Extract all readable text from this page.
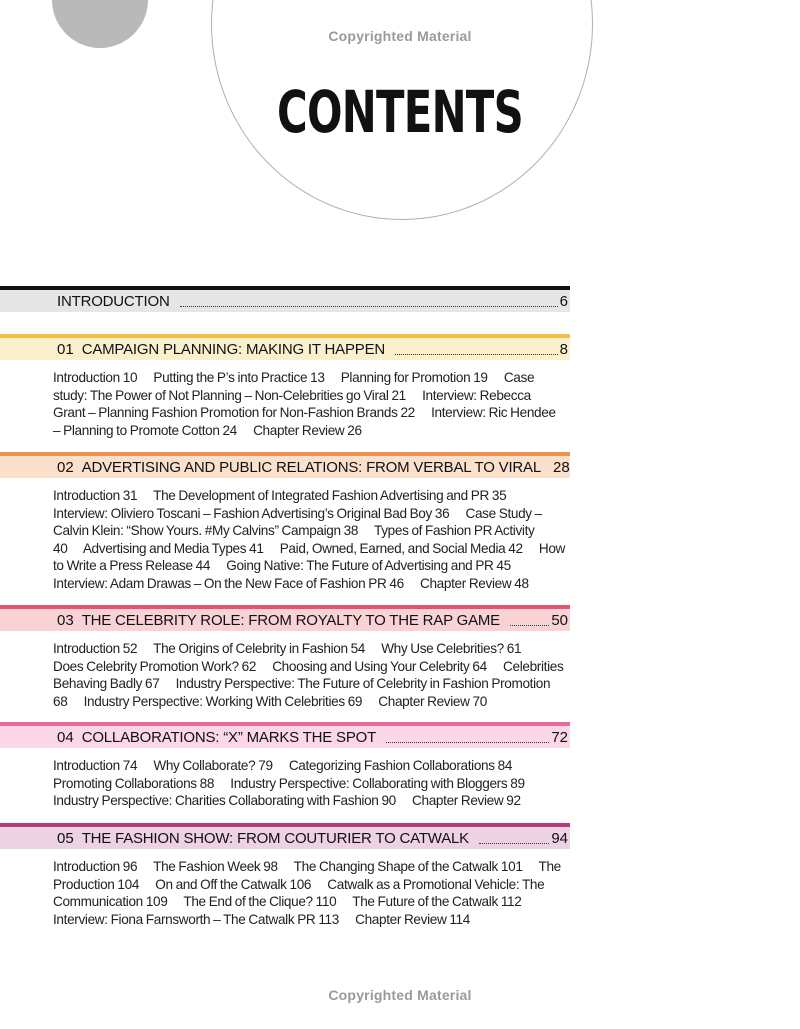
Copyrighted Material
CONTENTS
INTRODUCTION	6
01 CAMPAIGN PLANNING: MAKING IT HAPPEN	8
Introduction 10  Putting the P’s into Practice 13  Planning for Promotion 19  Case study: The Power of Not Planning – Non-Celebrities go Viral 21  Interview: Rebecca Grant – Planning Fashion Promotion for Non-Fashion Brands 22  Interview: Ric Hendee – Planning to Promote Cotton 24  Chapter Review 26
02 ADVERTISING AND PUBLIC RELATIONS: FROM VERBAL TO VIRAL 28
Introduction 31  The Development of Integrated Fashion Advertising and PR 35  Interview: Oliviero Toscani – Fashion Advertising’s Original Bad Boy 36  Case Study – Calvin Klein: “Show Yours. #My Calvins” Campaign 38  Types of Fashion PR Activity 40  Advertising and Media Types 41  Paid, Owned, Earned, and Social Media 42  How to Write a Press Release 44  Going Native: The Future of Advertising and PR 45  Interview: Adam Drawas – On the New Face of Fashion PR 46  Chapter Review 48
03 THE CELEBRITY ROLE: FROM ROYALTY TO THE RAP GAME	50
Introduction 52  The Origins of Celebrity in Fashion 54  Why Use Celebrities? 61  Does Celebrity Promotion Work? 62  Choosing and Using Your Celebrity 64  Celebrities Behaving Badly 67  Industry Perspective: The Future of Celebrity in Fashion Promotion 68  Industry Perspective: Working With Celebrities 69  Chapter Review 70
04 COLLABORATIONS: “X” MARKS THE SPOT	72
Introduction 74  Why Collaborate? 79  Categorizing Fashion Collaborations 84  Promoting Collaborations 88  Industry Perspective: Collaborating with Bloggers 89  Industry Perspective: Charities Collaborating with Fashion 90  Chapter Review 92
05 THE FASHION SHOW: FROM COUTURIER TO CATWALK	94
Introduction 96  The Fashion Week 98  The Changing Shape of the Catwalk 101  The Production 104  On and Off the Catwalk 106  Catwalk as a Promotional Vehicle: The Communication 109  The End of the Clique? 110  The Future of the Catwalk 112  Interview: Fiona Farnsworth – The Catwalk PR 113  Chapter Review 114
Copyrighted Material
